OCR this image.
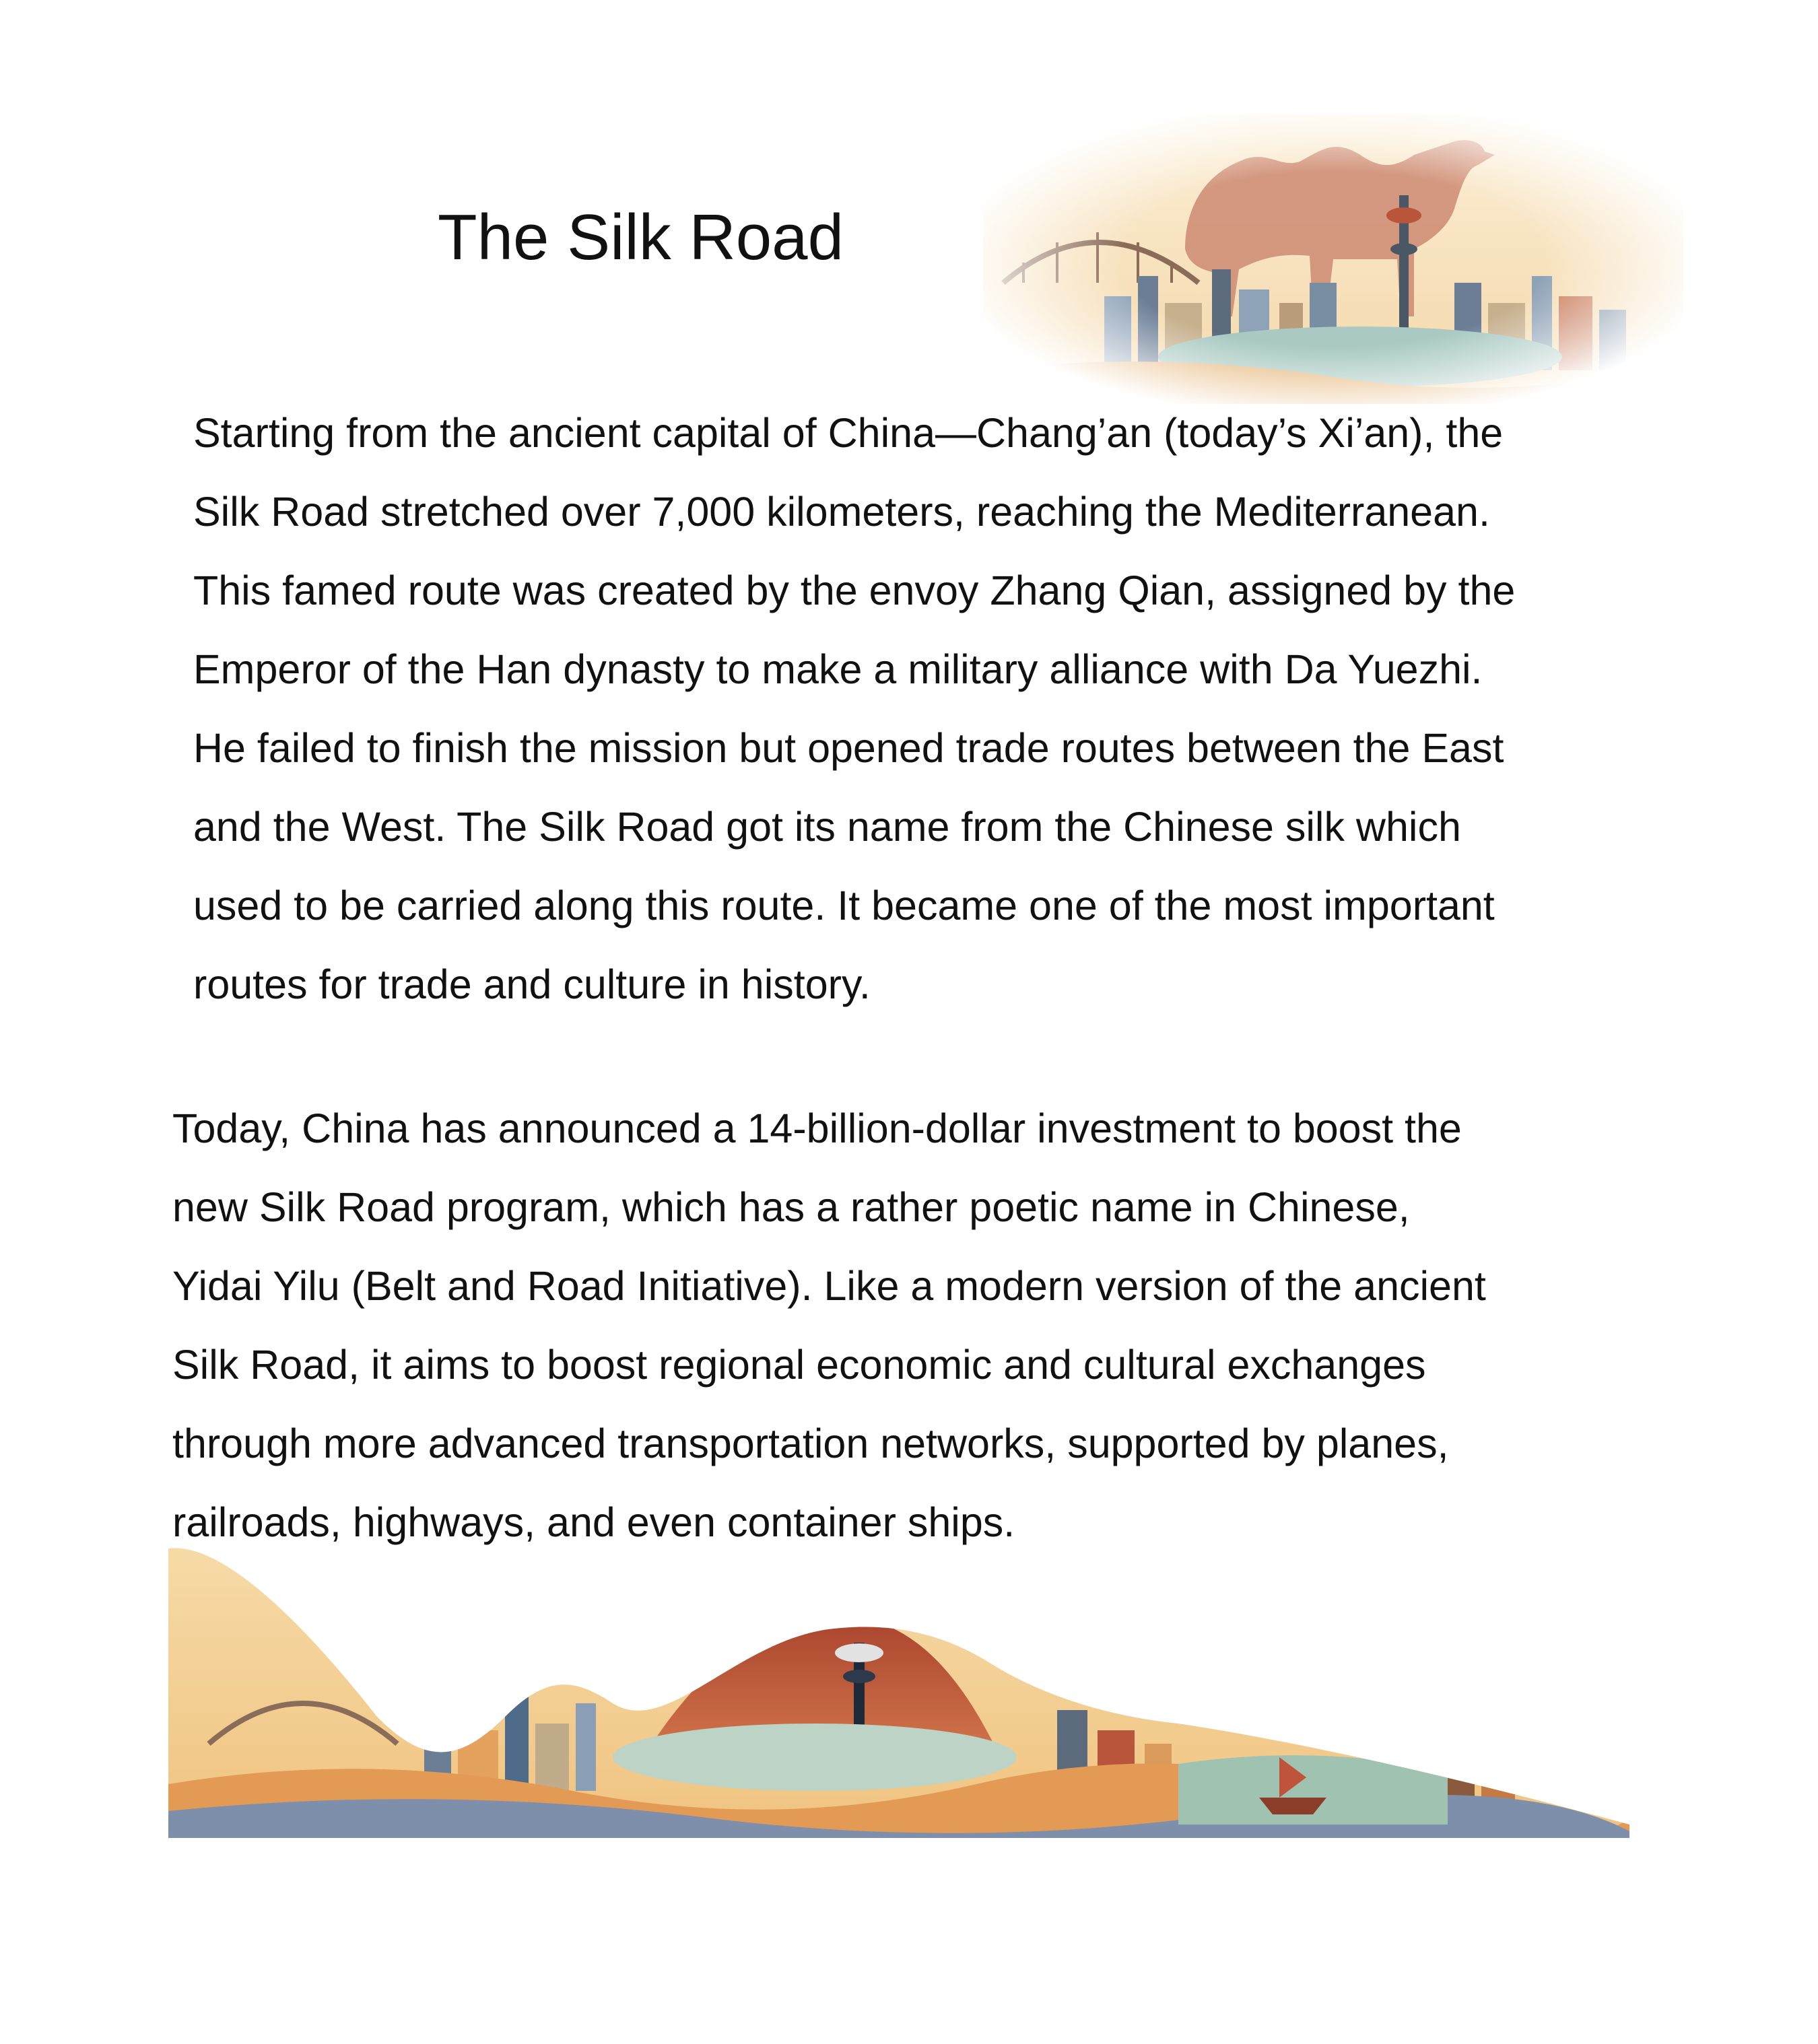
The Silk Road

Starting from the ancient capital of China—Chang’an (today’s Xi’an), the
Silk Road stretched over 7,000 kilometers, reaching the Mediterranean.
This famed route was created by the envoy Zhang Qian, assigned by the
Emperor of the Han dynasty to make a military alliance with Da Yuezhi.
He failed to finish the mission but opened trade routes between the East
and the West. The Silk Road got its name from the Chinese silk which
used to be carried along this route. It became one of the most important
routes for trade and culture in history.

Today, China has announced a 14-billion-dollar investment to boost the
new Silk Road program, which has a rather poetic name in Chinese,
Yidai Yilu (Belt and Road Initiative). Like a modern version of the ancient
Silk Road, it aims to boost regional economic and cultural exchanges
through more advanced transportation networks, supported by planes,
railroads, highways, and even container ships.
